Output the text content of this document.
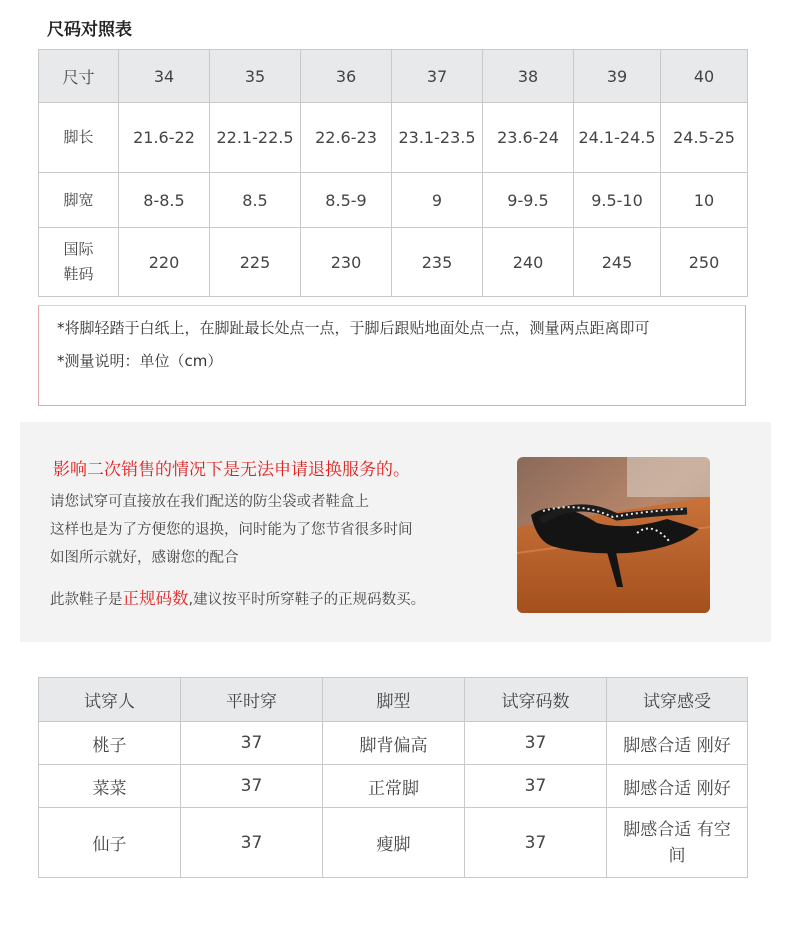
尺码对照表
尺寸	34	35	36	37	38	39	40
脚长	21.6-22	22.1-22.5	22.6-23	23.1-23.5	23.6-24	24.1-24.5	24.5-25
脚宽	8-8.5	8.5	8.5-9	9	9-9.5	9.5-10	10
国际
鞋码	220	225	230	235	240	245	250
*将脚轻踏于白纸上，在脚趾最长处点一点，于脚后跟贴地面处点一点，测量两点距离即可
*测量说明：单位（cm）
影响二次销售的情况下是无法申请退换服务的。
请您试穿可直接放在我们配送的防尘袋或者鞋盒上
这样也是为了方便您的退换，问时能为了您节省很多时间
如图所示就好，感谢您的配合
此款鞋子是正规码数,建议按平时所穿鞋子的正规码数买。
试穿人	平时穿	脚型	试穿码数	试穿感受
桃子	37	脚背偏高	37	脚感合适 刚好
菜菜	37	正常脚	37	脚感合适 刚好
仙子	37	瘦脚	37	脚感合适 有空间
